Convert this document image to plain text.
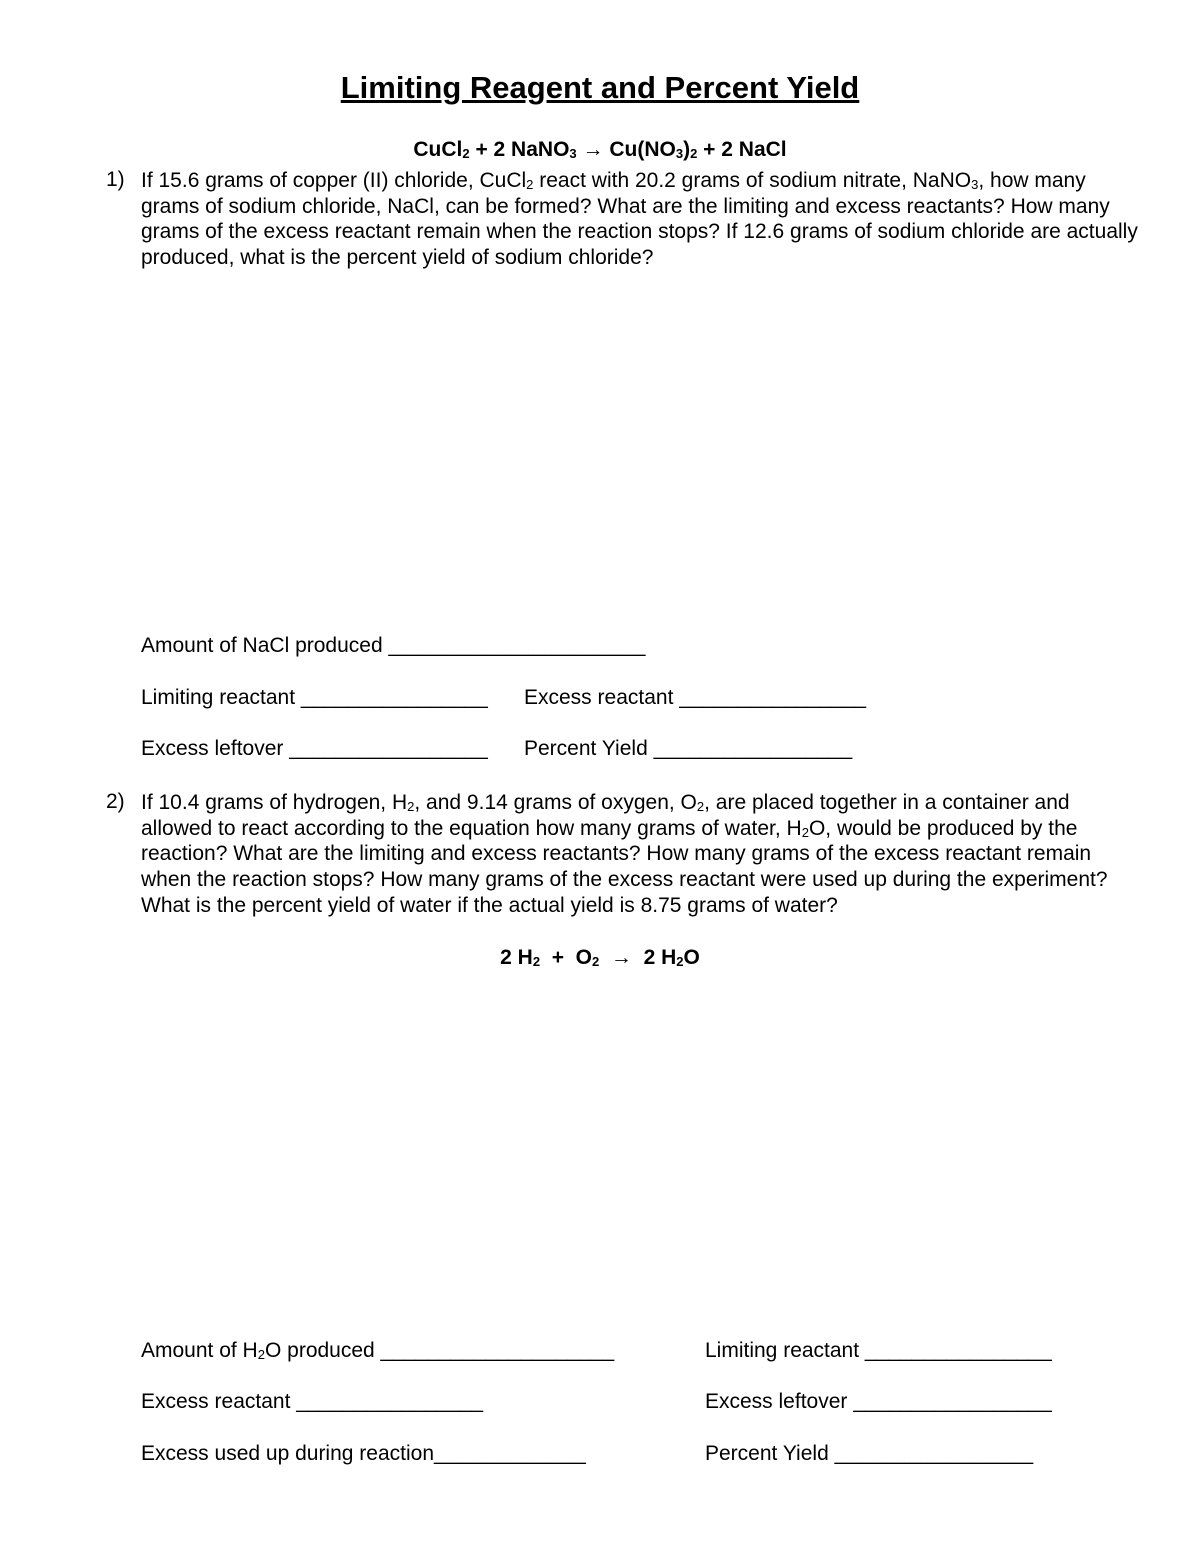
Limiting Reagent and Percent Yield
CuCl$_2$ + 2 NaNO$_3$ → $Cu(NO_3)_2 + 2$ NaCl
1) If 15.6 grams of copper (II) chloride, CuCl$_2$ react with 20.2 grams of sodium nitrate, NaNO$_3$, how many grams of sodium chloride, NaCl, can be formed? What are the limiting and excess reactants? How many grams of the excess reactant remain when the reaction stops? If 12.6 grams of sodium chloride are actually produced, what is the percent yield of sodium chloride?
Amount of NaCl produced ______________________
Limiting reactant ________________ Excess reactant ________________
Excess leftover _________________ Percent Yield _________________
2) If 10.4 grams of hydrogen, $H_2$, and 9.14 grams of oxygen, $O_2$, are placed together in a container and allowed to react according to the equation how many grams of water, $H_2O$, would be produced by the reaction? What are the limiting and excess reactants? How many grams of the excess reactant remain when the reaction stops? How many grams of the excess reactant were used up during the experiment? What is the percent yield of water if the actual yield is 8.75 grams of water?
2 $H_2 + O_2 \to 2$ $H_2O$
Amount of $H_2O$ produced ____________________	Limiting reactant ________________
Excess reactant ________________	Excess leftover _________________
Excess used up during reaction_____________	Percent Yield _________________
